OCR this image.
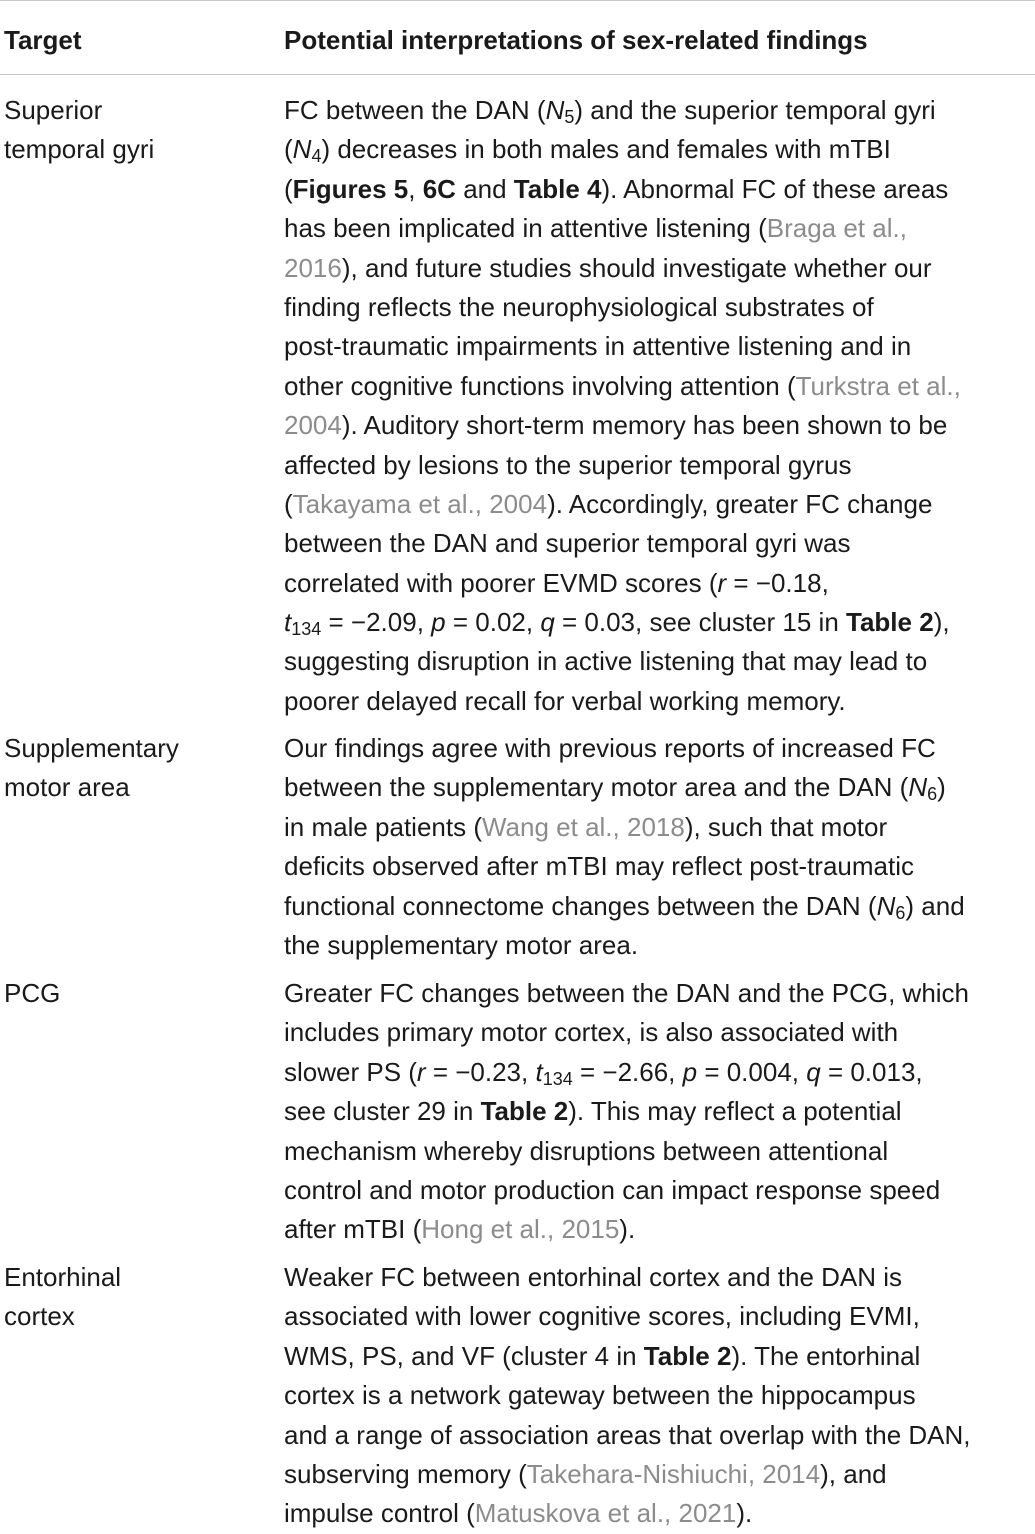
Target	Potential interpretations of sex-related findings
Superior
temporal gyri
FC between the DAN $(N_5)$ and the superior temporal gyri
$(N_4)$ decreases in both males and females with mTBI
(Figures 5, 6C and Table 4). Abnormal FC of these areas
has been implicated in attentive listening (Braga et al.,
2016), and future studies should investigate whether our
finding reflects the neurophysiological substrates of
post-traumatic impairments in attentive listening and in
other cognitive functions involving attention (Turkstra et al.,
2004). Auditory short-term memory has been shown to be
affected by lesions to the superior temporal gyrus
(Takayama et al., 2004). Accordingly, greater FC change
between the DAN and superior temporal gyri was
correlated with poorer EVMD scores (r = −0.18,
$t_{134} = -2.09$, p = 0.02, q = 0.03, see cluster 15 in Table 2),
suggesting disruption in active listening that may lead to
poorer delayed recall for verbal working memory.
Supplementary
motor area
Our findings agree with previous reports of increased FC
between the supplementary motor area and the DAN $(N_6)$
in male patients (Wang et al., 2018), such that motor
deficits observed after mTBI may reflect post-traumatic
functional connectome changes between the DAN $(N_6)$ and
the supplementary motor area.
PCG	Greater FC changes between the DAN and the PCG, which
includes primary motor cortex, is also associated with
slower PS (r = −0.23, $t_{134} = -2.66$, p = 0.004, q = 0.013,
see cluster 29 in Table 2). This may reflect a potential
mechanism whereby disruptions between attentional
control and motor production can impact response speed
after mTBI (Hong et al., 2015).
Entorhinal
cortex
Weaker FC between entorhinal cortex and the DAN is
associated with lower cognitive scores, including EVMI,
WMS, PS, and VF (cluster 4 in Table 2). The entorhinal
cortex is a network gateway between the hippocampus
and a range of association areas that overlap with the DAN,
subserving memory (Takehara-Nishiuchi, 2014), and
impulse control (Matuskova et al., 2021).
